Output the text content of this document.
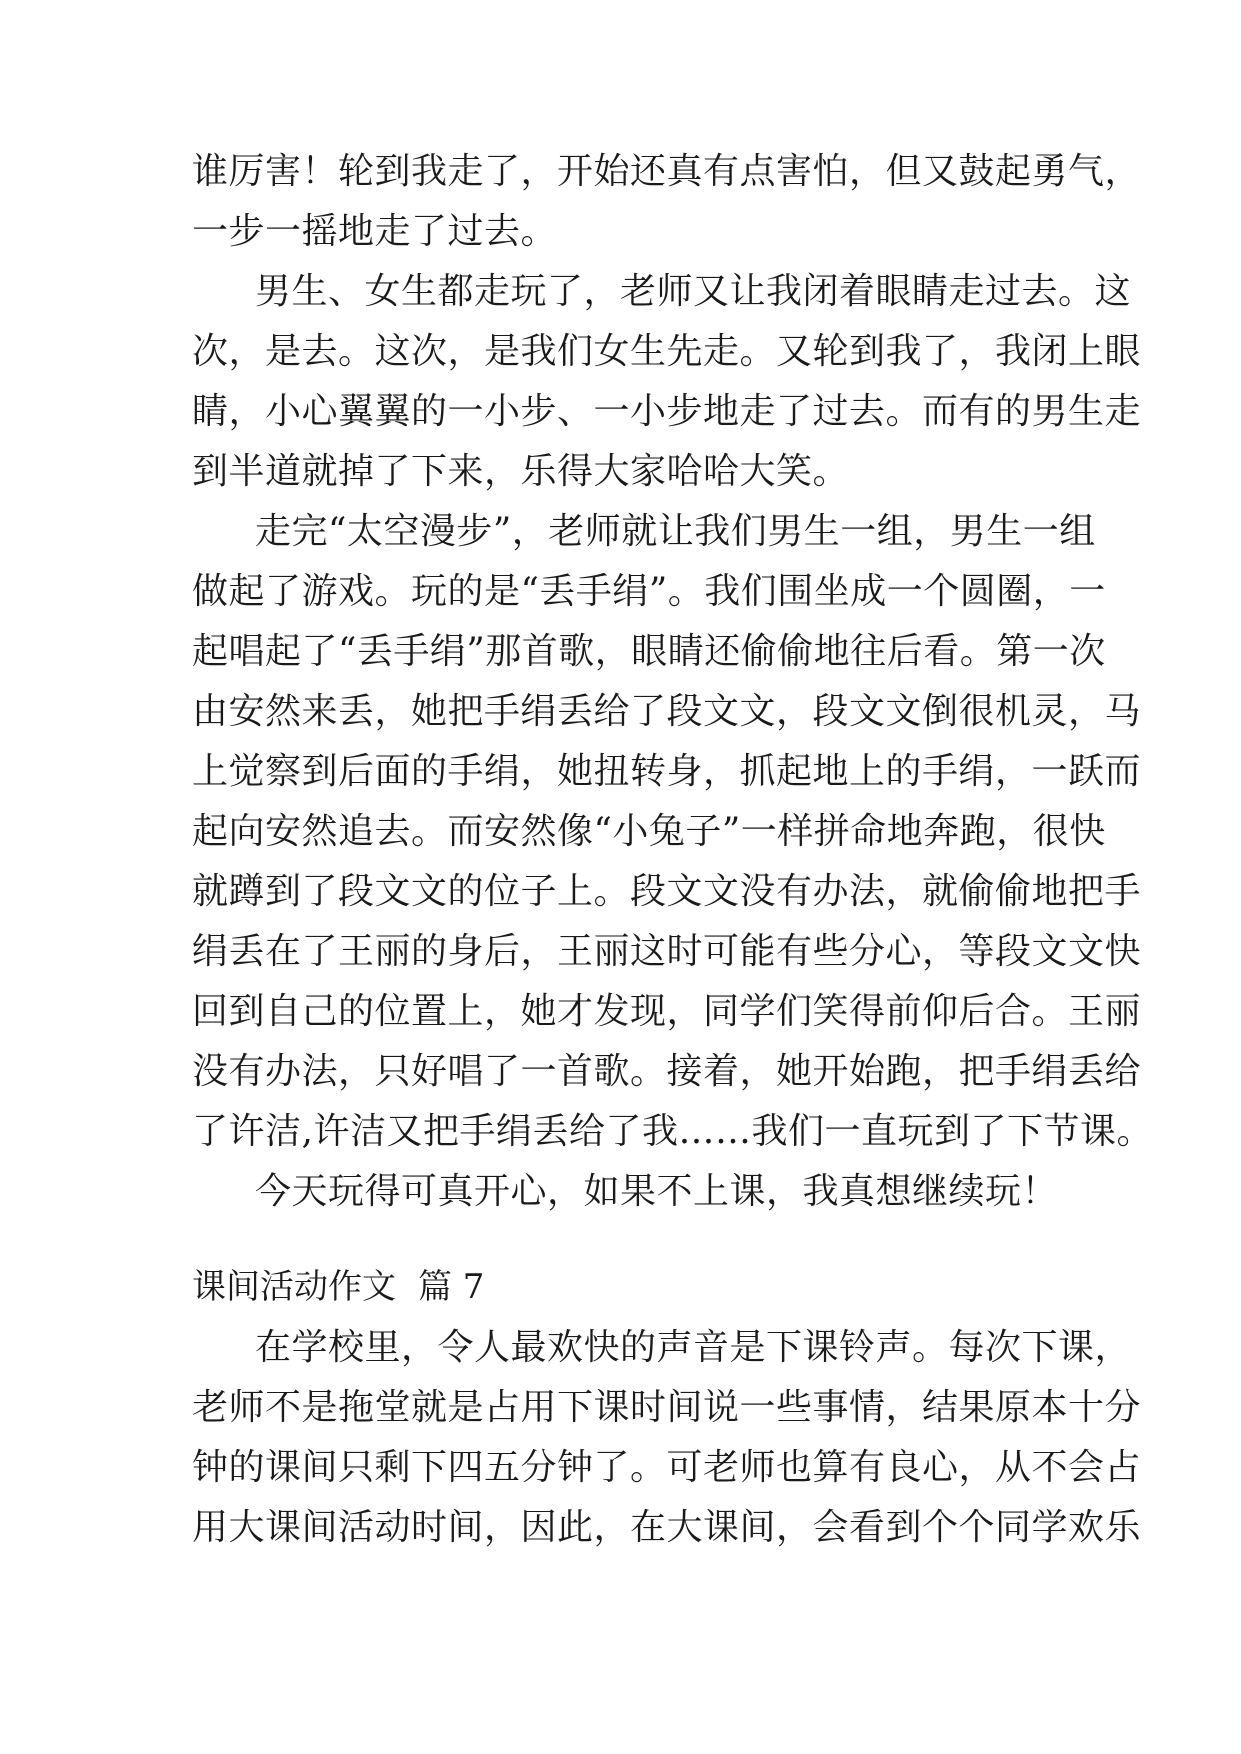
谁厉害！轮到我走了，开始还真有点害怕，但又鼓起勇气，
一步一摇地走了过去。
男生、女生都走玩了，老师又让我闭着眼睛走过去。这
次，是去。这次，是我们女生先走。又轮到我了，我闭上眼
睛，小心翼翼的一小步、一小步地走了过去。而有的男生走
到半道就掉了下来，乐得大家哈哈大笑。
走完“太空漫步”，老师就让我们男生一组，男生一组
做起了游戏。玩的是“丢手绢”。我们围坐成一个圆圈，一
起唱起了“丢手绢”那首歌，眼睛还偷偷地往后看。第一次
由安然来丢，她把手绢丢给了段文文，段文文倒很机灵，马
上觉察到后面的手绢，她扭转身，抓起地上的手绢，一跃而
起向安然追去。而安然像“小兔子”一样拼命地奔跑，很快
就蹲到了段文文的位子上。段文文没有办法，就偷偷地把手
绢丢在了王丽的身后，王丽这时可能有些分心，等段文文快
回到自己的位置上，她才发现，同学们笑得前仰后合。王丽
没有办法，只好唱了一首歌。接着，她开始跑，把手绢丢给
了许洁,许洁又把手绢丢给了我……我们一直玩到了下节课。
今天玩得可真开心，如果不上课，我真想继续玩！
课间活动作文 篇 7
在学校里，令人最欢快的声音是下课铃声。每次下课，
老师不是拖堂就是占用下课时间说一些事情，结果原本十分
钟的课间只剩下四五分钟了。可老师也算有良心，从不会占
用大课间活动时间，因此，在大课间，会看到个个同学欢乐
